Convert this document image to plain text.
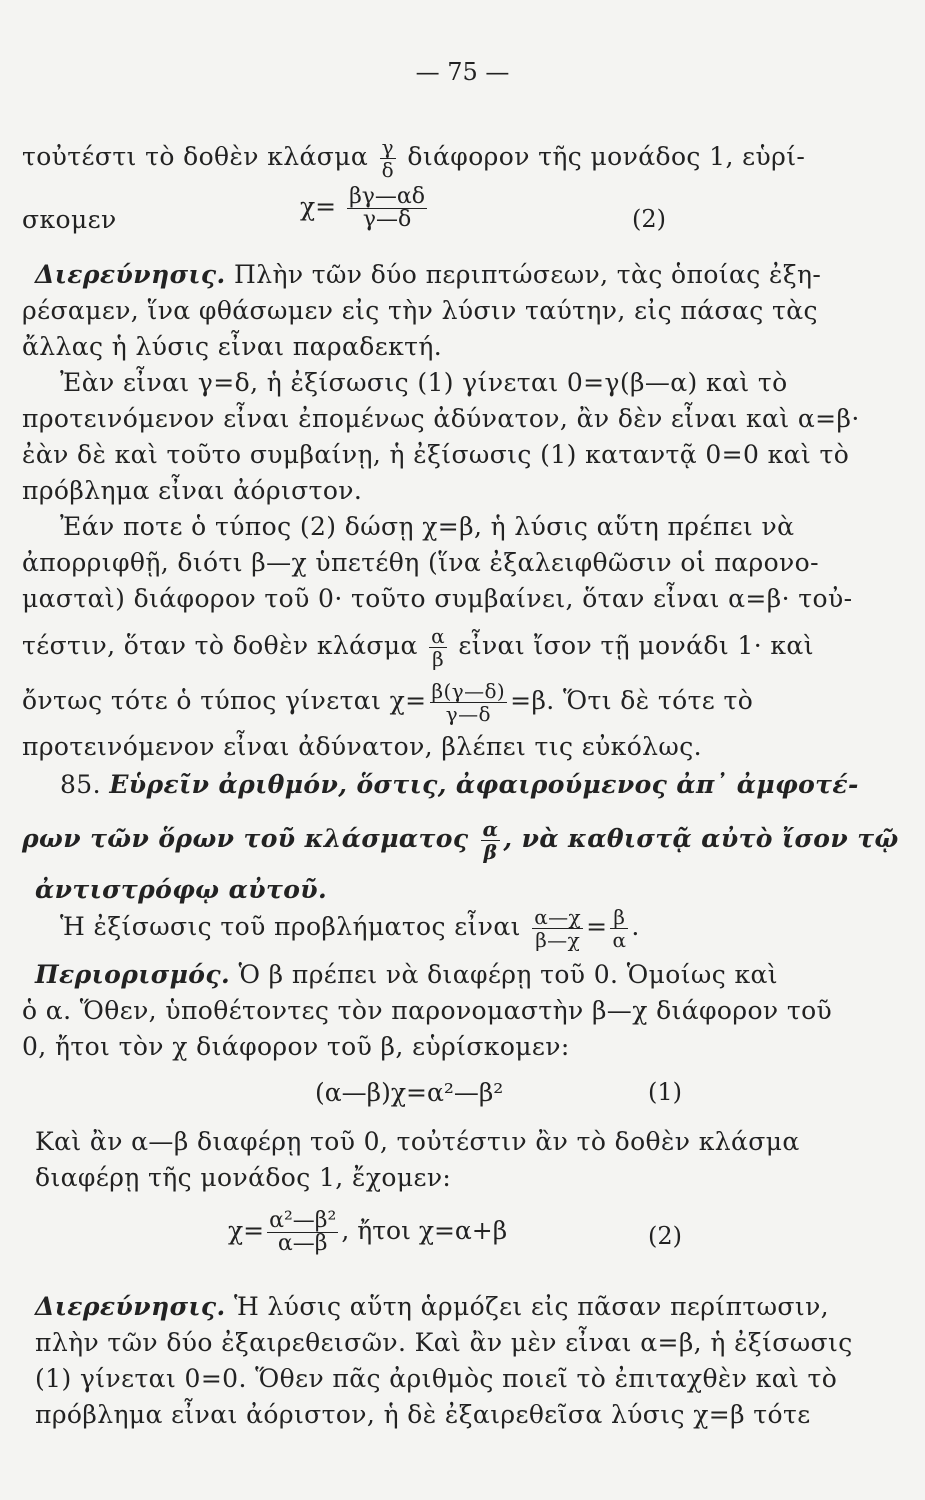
— 75 —
τοὐτέστι τὸ δοθὲν κλάσμα $\frac{\gamma}{\delta}$ διάφορον τῆς μονάδος 1, εὑρί-
σκομεν	$\chi= \frac{\beta\gamma—\alpha\delta}{\gamma—\delta}$	(2)
Διερεύνησις. Πλὴν τῶν δύο περιπτώσεων, τὰς ὁποίας ἐξη-
ρέσαμεν, ἵνα φθάσωμεν εἰς τὴν λύσιν ταύτην, εἰς πάσας τὰς
ἄλλας ἡ λύσις εἶναι παραδεκτή.
Ἐὰν εἶναι γ=δ, ἡ ἐξίσωσις (1) γίνεται 0=γ(β—α) καὶ τὸ
προτεινόμενον εἶναι ἐπομένως ἀδύνατον, ἂν δὲν εἶναι καὶ α=β·
ἐὰν δὲ καὶ τοῦτο συμβαίνῃ, ἡ ἐξίσωσις (1) καταντᾷ 0=0 καὶ τὸ
πρόβλημα εἶναι ἀόριστον.
Ἐάν ποτε ὁ τύπος (2) δώσῃ χ=β, ἡ λύσις αὕτη πρέπει νὰ
ἀπορριφθῇ, διότι β—χ ὑπετέθη (ἵνα ἐξαλειφθῶσιν οἱ παρονο-
μασταὶ) διάφορον τοῦ 0· τοῦτο συμβαίνει, ὅταν εἶναι α=β· τοὐ-
τέστιν, ὅταν τὸ δοθὲν κλάσμα $\frac{\alpha}{\beta}$ εἶναι ἴσον τῇ μονάδι 1· καὶ
ὄντως τότε ὁ τύπος γίνεται $\chi= \frac{\beta(\gamma—\delta)}{\gamma—\delta} =\beta$. Ὅτι δὲ τότε τὸ
προτεινόμενον εἶναι ἀδύνατον, βλέπει τις εὐκόλως.
85. Εὑρεῖν ἀριθμόν, ὅστις, ἀφαιρούμενος ἀπ᾿ ἀμφοτέ-
ρων τῶν ὅρων τοῦ κλάσματος $\frac{\alpha}{\beta}$ , νὰ καθιστᾷ αὐτὸ ἴσον τῷ
ἀντιστρόφῳ αὐτοῦ.
Ἡ ἐξίσωσις τοῦ προβλήματος εἶναι $\frac{\alpha—\chi}{\beta—\chi} = \frac{\beta}{\alpha}$ .
Περιορισμός. Ὁ β πρέπει νὰ διαφέρῃ τοῦ 0. Ὁμοίως καὶ
ὁ α. Ὅθεν, ὑποθέτοντες τὸν παρονομαστὴν β—χ διάφορον τοῦ
0, ἤτοι τὸν χ διάφορον τοῦ β, εὑρίσκομεν:
(α—β)χ=α²—β²	(1)
Καὶ ἂν α—β διαφέρῃ τοῦ 0, τοὐτέστιν ἂν τὸ δοθὲν κλάσμα
διαφέρῃ τῆς μονάδος 1, ἔχομεν:
$\chi= \frac{\text{α²—β²}}{\alpha—\beta}$ , ἤτοι χ=α+β	(2)
Διερεύνησις. Ἡ λύσις αὕτη ἁρμόζει εἰς πᾶσαν περίπτωσιν,
πλὴν τῶν δύο ἐξαιρεθεισῶν. Καὶ ἂν μὲν εἶναι α=β, ἡ ἐξίσωσις
(1) γίνεται 0=0. Ὅθεν πᾶς ἀριθμὸς ποιεῖ τὸ ἐπιταχθὲν καὶ τὸ
πρόβλημα εἶναι ἀόριστον, ἡ δὲ ἐξαιρεθεῖσα λύσις χ=β τότε
